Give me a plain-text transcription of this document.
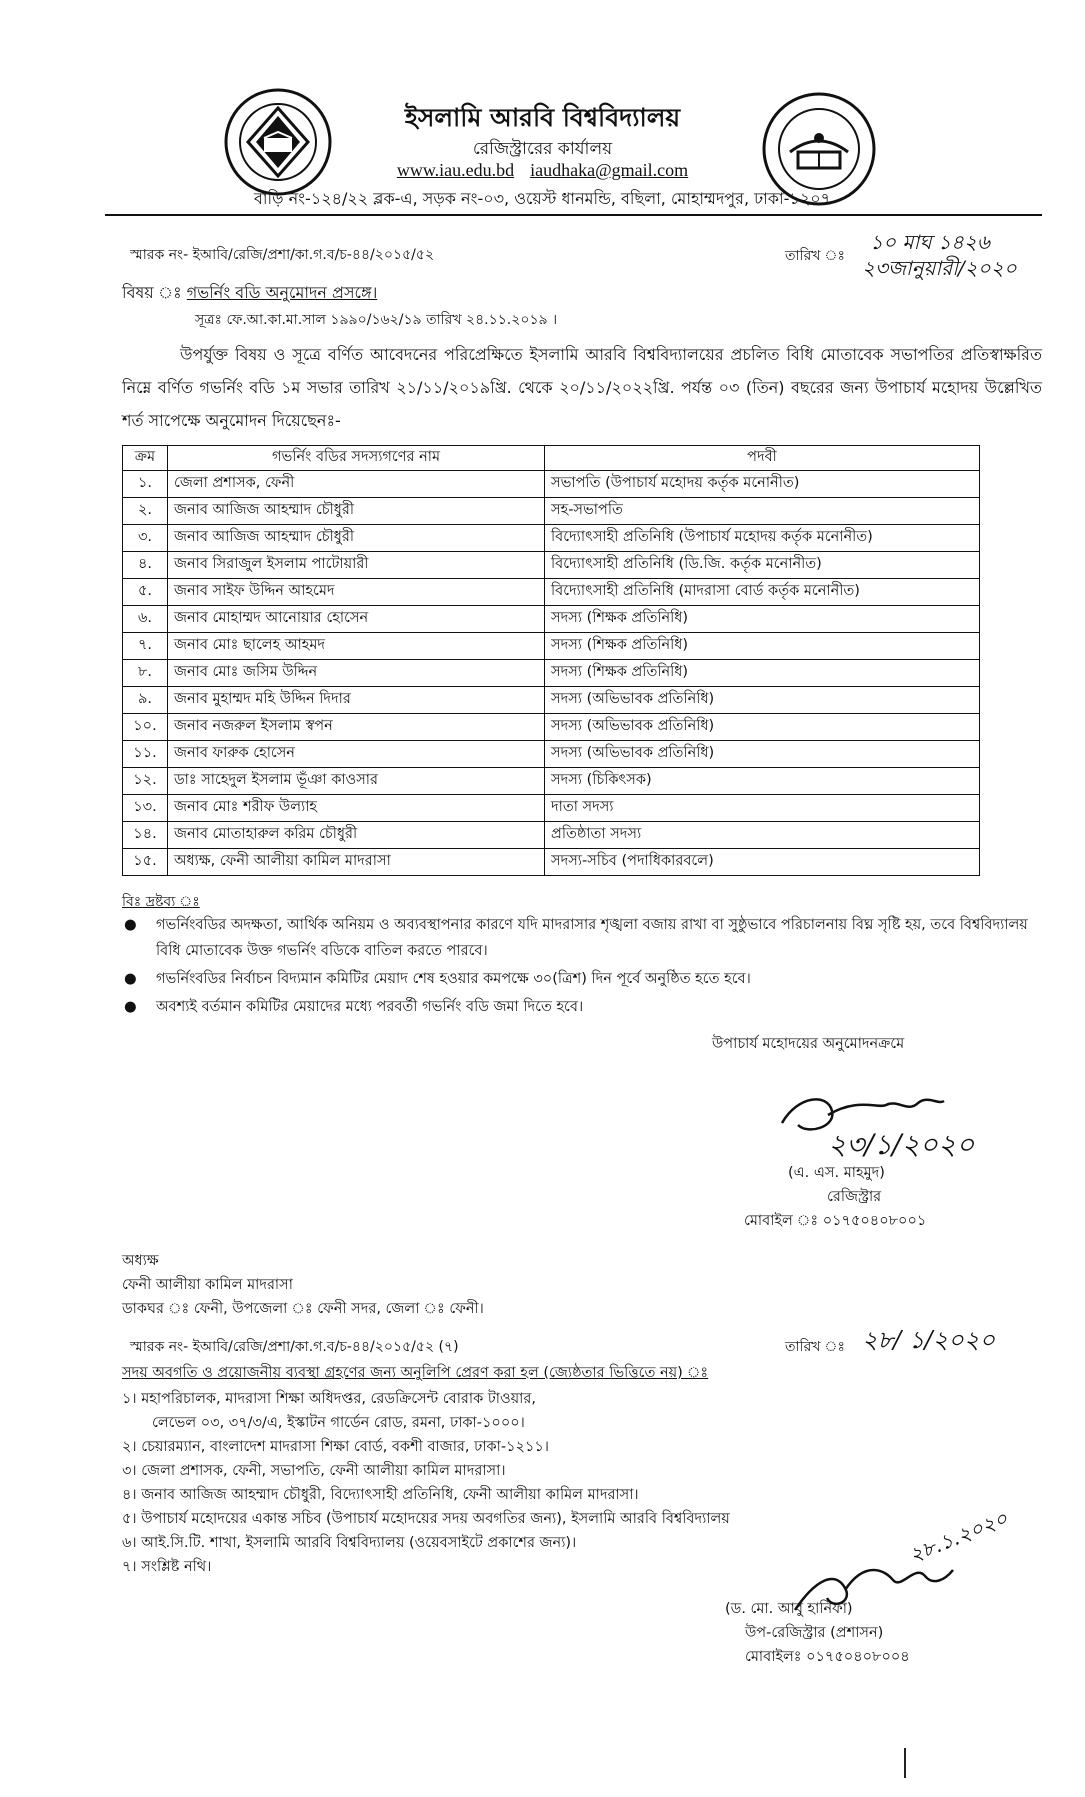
ইসলামি আরবি বিশ্ববিদ্যালয়
রেজিস্ট্রারের কার্যালয়
www.iau.edu.bd iaudhaka@gmail.com
বাড়ি নং-১২৪/২২ ব্লক-এ, সড়ক নং-০৩, ওয়েস্ট ধানমন্ডি, বছিলা, মোহাম্মদপুর, ঢাকা-১২০৭
স্মারক নং- ইআবি/রেজি/প্রশা/কা.গ.ব/চ-৪৪/২০১৫/৫২	তারিখ ঃ
১০ মাঘ ১৪২৬
২৩জানুয়ারী/২০২০
বিষয় ঃ গভর্নিং বডি অনুমোদন প্রসঙ্গে।
সূত্রঃ ফে.আ.কা.মা.সাল ১৯৯০/১৬২/১৯ তারিখ ২৪.১১.২০১৯ ।
উপর্যুক্ত বিষয় ও সূত্রে বর্ণিত আবেদনের পরিপ্রেক্ষিতে ইসলামি আরবি বিশ্ববিদ্যালয়ের প্রচলিত বিধি মোতাবেক সভাপতির প্রতিস্বাক্ষরিত নিম্নে বর্ণিত গভর্নিং বডি ১ম সভার তারিখ ২১/১১/২০১৯খ্রি. থেকে ২০/১১/২০২২খ্রি. পর্যন্ত ০৩ (তিন) বছরের জন্য উপাচার্য মহোদয় উল্লেখিত শর্ত সাপেক্ষে অনুমোদন দিয়েছেনঃ-
ক্রম	গভর্নিং বডির সদস্যগণের নাম	পদবী
১.	জেলা প্রশাসক, ফেনী	সভাপতি (উপাচার্য মহোদয় কর্তৃক মনোনীত)
২.	জনাব আজিজ আহম্মাদ চৌধুরী	সহ-সভাপতি
৩.	জনাব আজিজ আহম্মাদ চৌধুরী	বিদ্যোৎসাহী প্রতিনিধি (উপাচার্য মহোদয় কর্তৃক মনোনীত)
৪.	জনাব সিরাজুল ইসলাম পাটোয়ারী	বিদ্যোৎসাহী প্রতিনিধি (ডি.জি. কর্তৃক মনোনীত)
৫.	জনাব সাইফ উদ্দিন আহমেদ	বিদ্যোৎসাহী প্রতিনিধি (মাদরাসা বোর্ড কর্তৃক মনোনীত)
৬.	জনাব মোহাম্মদ আনোয়ার হোসেন	সদস্য (শিক্ষক প্রতিনিধি)
৭.	জনাব মোঃ ছালেহ আহমদ	সদস্য (শিক্ষক প্রতিনিধি)
৮.	জনাব মোঃ জসিম উদ্দিন	সদস্য (শিক্ষক প্রতিনিধি)
৯.	জনাব মুহাম্মদ মহি উদ্দিন দিদার	সদস্য (অভিভাবক প্রতিনিধি)
১০.	জনাব নজরুল ইসলাম স্বপন	সদস্য (অভিভাবক প্রতিনিধি)
১১.	জনাব ফারুক হোসেন	সদস্য (অভিভাবক প্রতিনিধি)
১২.	ডাঃ সাহেদুল ইসলাম ভূঁঞা কাওসার	সদস্য (চিকিৎসক)
১৩.	জনাব মোঃ শরীফ উল্যাহ	দাতা সদস্য
১৪.	জনাব মোতাহারুল করিম চৌধুরী	প্রতিষ্ঠাতা সদস্য
১৫.	অধ্যক্ষ, ফেনী আলীয়া কামিল মাদরাসা	সদস্য-সচিব (পদাধিকারবলে)
বিঃ দ্রষ্টব্য ঃ
● গভর্নিংবডির অদক্ষতা, আর্থিক অনিয়ম ও অব্যবস্থাপনার কারণে যদি মাদরাসার শৃঙ্খলা বজায় রাখা বা সুষ্ঠুভাবে পরিচালনায় বিঘ্ন সৃষ্টি হয়, তবে বিশ্ববিদ্যালয় বিধি মোতাবেক উক্ত গভর্নিং বডিকে বাতিল করতে পারবে।
● গভর্নিংবডির নির্বাচন বিদ্যমান কমিটির মেয়াদ শেষ হওয়ার কমপক্ষে ৩০(ত্রিশ) দিন পূর্বে অনুষ্ঠিত হতে হবে।
● অবশ্যই বর্তমান কমিটির মেয়াদের মধ্যে পরবর্তী গভর্নিং বডি জমা দিতে হবে।
উপাচার্য মহোদয়ের অনুমোদনক্রমে
২৩/১/২০২০
(এ. এস. মাহমুদ)
রেজিস্ট্রার
মোবাইল ঃ ০১৭৫০৪০৮০০১
অধ্যক্ষ
ফেনী আলীয়া কামিল মাদরাসা
ডাকঘর ঃ ফেনী, উপজেলা ঃ ফেনী সদর, জেলা ঃ ফেনী।
স্মারক নং- ইআবি/রেজি/প্রশা/কা.গ.ব/চ-৪৪/২০১৫/৫২ (৭)	তারিখ ঃ ২৮/ ১/২০২০
সদয় অবগতি ও প্রয়োজনীয় ব্যবস্থা গ্রহণের জন্য অনুলিপি প্রেরণ করা হল (জ্যেষ্ঠতার ভিত্তিতে নয়) ঃ
১। মহাপরিচালক, মাদরাসা শিক্ষা অধিদপ্তর, রেডক্রিসেন্ট বোরাক টাওয়ার,
লেভেল ০৩, ৩৭/৩/এ, ইস্কাটন গার্ডেন রোড, রমনা, ঢাকা-১০০০।
২। চেয়ারম্যান, বাংলাদেশ মাদরাসা শিক্ষা বোর্ড, বকশী বাজার, ঢাকা-১২১১।
৩। জেলা প্রশাসক, ফেনী, সভাপতি, ফেনী আলীয়া কামিল মাদরাসা।
৪। জনাব আজিজ আহম্মাদ চৌধুরী, বিদ্যোৎসাহী প্রতিনিধি, ফেনী আলীয়া কামিল মাদরাসা।
৫। উপাচার্য মহোদয়ের একান্ত সচিব (উপাচার্য মহোদয়ের সদয় অবগতির জন্য), ইসলামি আরবি বিশ্ববিদ্যালয়
৬। আই.সি.টি. শাখা, ইসলামি আরবি বিশ্ববিদ্যালয় (ওয়েবসাইটে প্রকাশের জন্য)।
৭। সংশ্লিষ্ট নথি।	২৮.১.২০২০
(ড. মো. আবু হানিফা)
উপ-রেজিস্ট্রার (প্রশাসন)
মোবাইলঃ ০১৭৫০৪০৮০০৪
